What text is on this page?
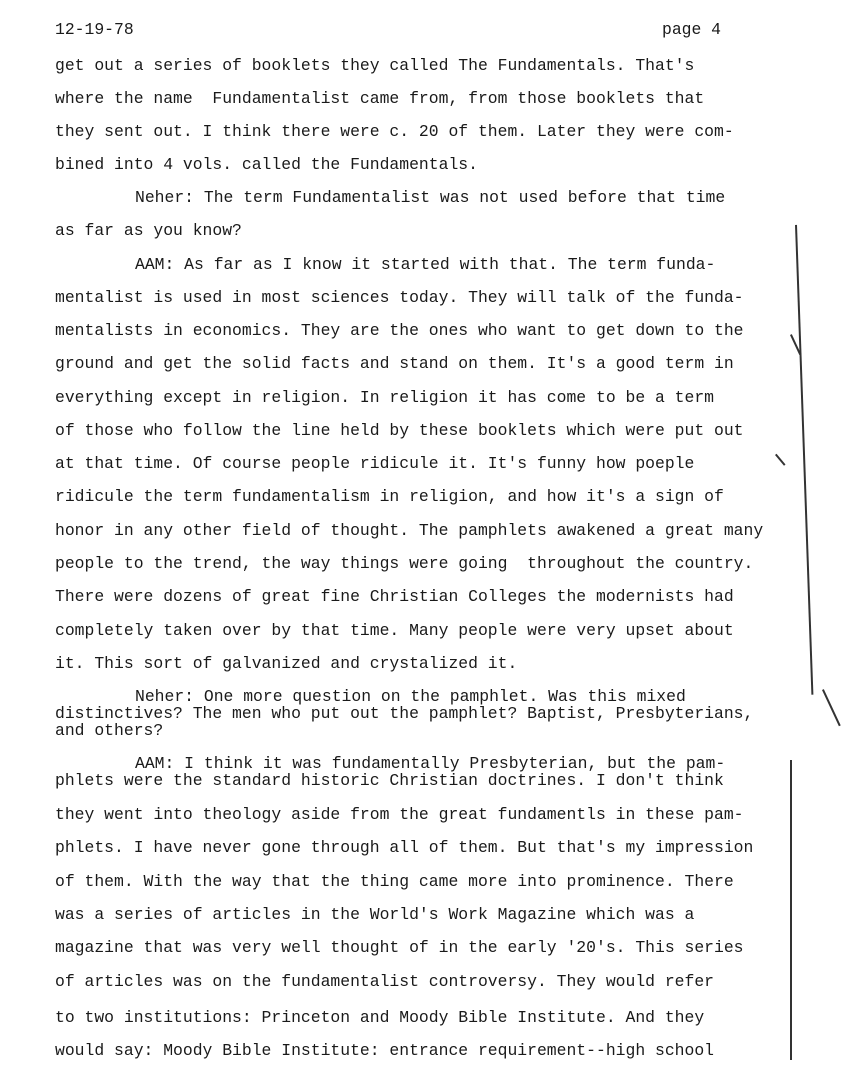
12-19-78	page 4
get out a series of booklets they called The Fundamentals. That's
where the name  Fundamentalist came from, from those booklets that
they sent out. I think there were c. 20 of them. Later they were com-
bined into 4 vols. called the Fundamentals.
Neher: The term Fundamentalist was not used before that time
as far as you know?
AAM: As far as I know it started with that. The term funda-
mentalist is used in most sciences today. They will talk of the funda-
mentalists in economics. They are the ones who want to get down to the
ground and get the solid facts and stand on them. It's a good term in
everything except in religion. In religion it has come to be a term
of those who follow the line held by these booklets which were put out
at that time. Of course people ridicule it. It's funny how poeple
ridicule the term fundamentalism in religion, and how it's a sign of
honor in any other field of thought. The pamphlets awakened a great many
people to the trend, the way things were going  throughout the country.
There were dozens of great fine Christian Colleges the modernists had
completely taken over by that time. Many people were very upset about
it. This sort of galvanized and crystalized it.
Neher: One more question on the pamphlet. Was this mixed
distinctives? The men who put out the pamphlet? Baptist, Presbyterians,
and others?
AAM: I think it was fundamentally Presbyterian, but the pam-
phlets were the standard historic Christian doctrines. I don't think
they went into theology aside from the great fundamentls in these pam-
phlets. I have never gone through all of them. But that's my impression
of them. With the way that the thing came more into prominence. There
was a series of articles in the World's Work Magazine which was a
magazine that was very well thought of in the early '20's. This series
of articles was on the fundamentalist controversy. They would refer
to two institutions: Princeton and Moody Bible Institute. And they
would say: Moody Bible Institute: entrance requirement--high school
